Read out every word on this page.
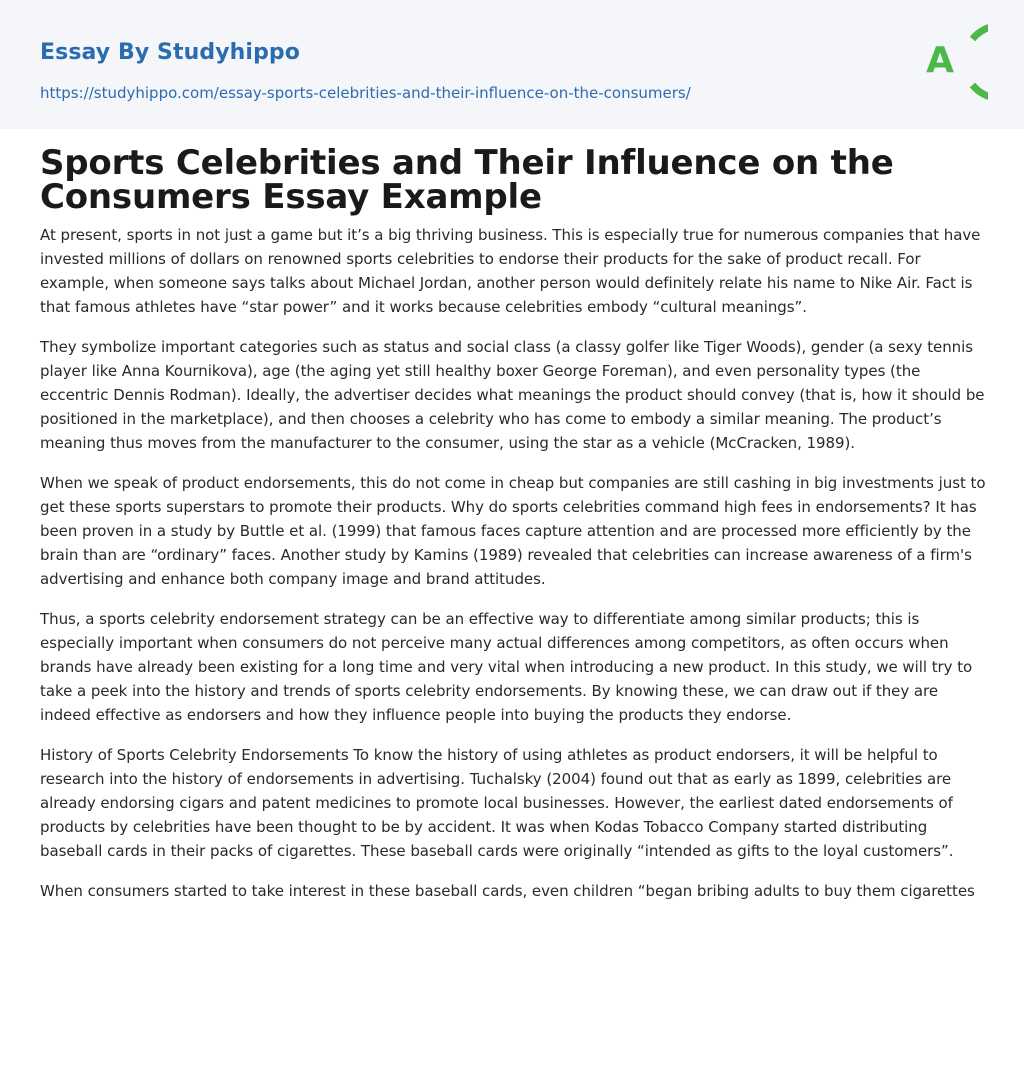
Essay By Studyhippo
https://studyhippo.com/essay-sports-celebrities-and-their-influence-on-the-consumers/
A
Sports Celebrities and Their Influence on the Consumers Essay Example

At present, sports in not just a game but it’s a big thriving business. This is especially true for numerous companies that have invested millions of dollars on renowned sports celebrities to endorse their products for the sake of product recall. For example, when someone says talks about Michael Jordan, another person would definitely relate his name to Nike Air. Fact is that famous athletes have “star power” and it works because celebrities embody “cultural meanings”.

They symbolize important categories such as status and social class (a classy golfer like Tiger Woods), gender (a sexy tennis player like Anna Kournikova), age (the aging yet still healthy boxer George Foreman), and even personality types (the eccentric Dennis Rodman). Ideally, the advertiser decides what meanings the product should convey (that is, how it should be positioned in the marketplace), and then chooses a celebrity who has come to embody a similar meaning. The product’s meaning thus moves from the manufacturer to the consumer, using the star as a vehicle (McCracken, 1989).

When we speak of product endorsements, this do not come in cheap but companies are still cashing in big investments just to get these sports superstars to promote their products. Why do sports celebrities command high fees in endorsements? It has been proven in a study by Buttle et al. (1999) that famous faces capture attention and are processed more efficiently by the brain than are “ordinary” faces. Another study by Kamins (1989) revealed that celebrities can increase awareness of a firm's advertising and enhance both company image and brand attitudes.

Thus, a sports celebrity endorsement strategy can be an effective way to differentiate among similar products; this is especially important when consumers do not perceive many actual differences among competitors, as often occurs when brands have already been existing for a long time and very vital when introducing a new product. In this study, we will try to take a peek into the history and trends of sports celebrity endorsements. By knowing these, we can draw out if they are indeed effective as endorsers and how they influence people into buying the products they endorse.

History of Sports Celebrity Endorsements To know the history of using athletes as product endorsers, it will be helpful to research into the history of endorsements in advertising. Tuchalsky (2004) found out that as early as 1899, celebrities are already endorsing cigars and patent medicines to promote local businesses. However, the earliest dated endorsements of products by celebrities have been thought to be by accident. It was when Kodas Tobacco Company started distributing baseball cards in their packs of cigarettes. These baseball cards were originally “intended as gifts to the loyal customers”.

When consumers started to take interest in these baseball cards, even children “began bribing adults to buy them cigarettes
